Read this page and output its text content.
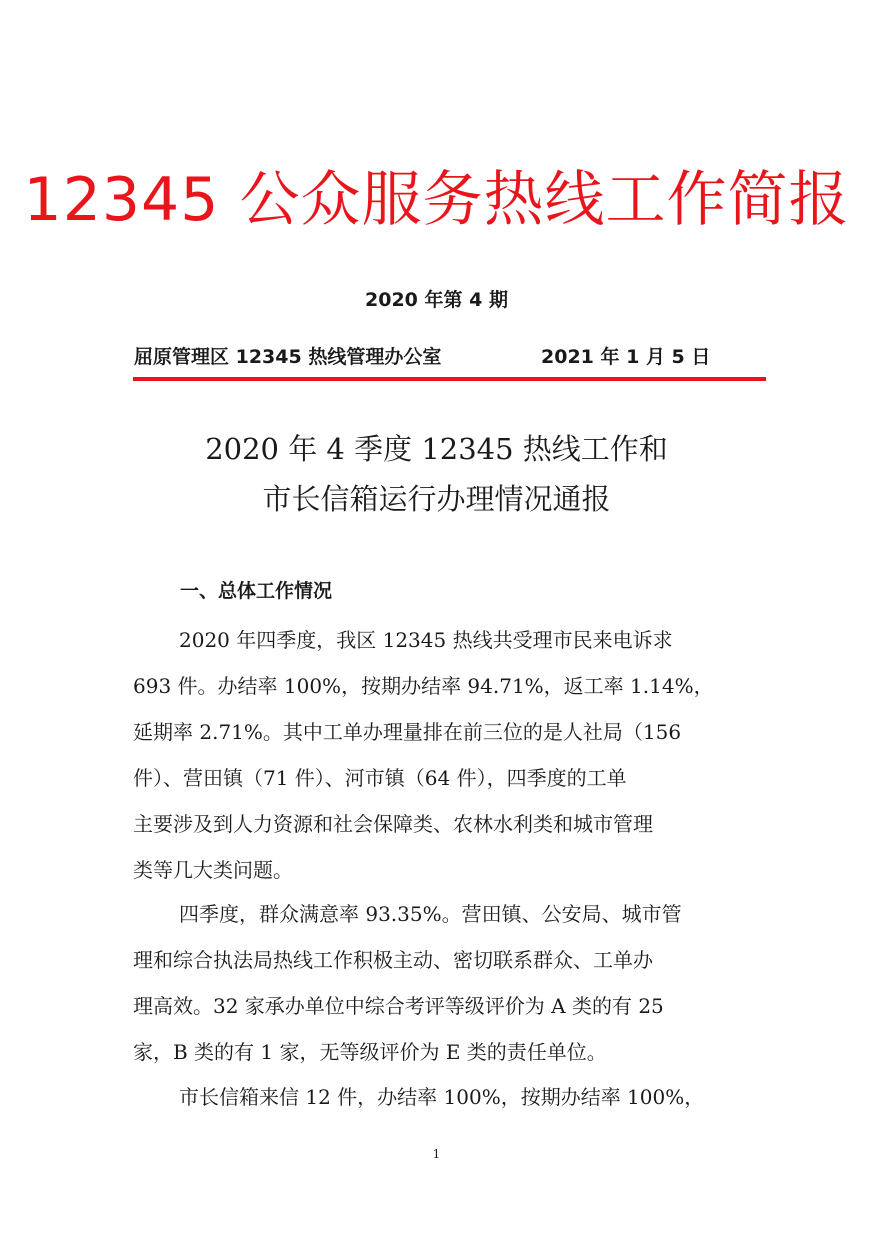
12345 公众服务热线工作简报
2020 年第 4 期
屈原管理区 12345 热线管理办公室	2021 年 1 月 5 日
2020 年 4 季度 12345 热线工作和
市长信箱运行办理情况通报
一、总体工作情况
2020 年四季度，我区 12345 热线共受理市民来电诉求
693 件。办结率 100%，按期办结率 94.71%，返工率 1.14%，
延期率 2.71%。其中工单办理量排在前三位的是人社局（156
件）、营田镇（71 件）、河市镇（64 件），四季度的工单
主要涉及到人力资源和社会保障类、农林水利类和城市管理
类等几大类问题。
四季度，群众满意率 93.35%。营田镇、公安局、城市管
理和综合执法局热线工作积极主动、密切联系群众、工单办
理高效。32 家承办单位中综合考评等级评价为 A 类的有 25
家，B 类的有 1 家，无等级评价为 E 类的责任单位。
市长信箱来信 12 件，办结率 100%，按期办结率 100%，
1
